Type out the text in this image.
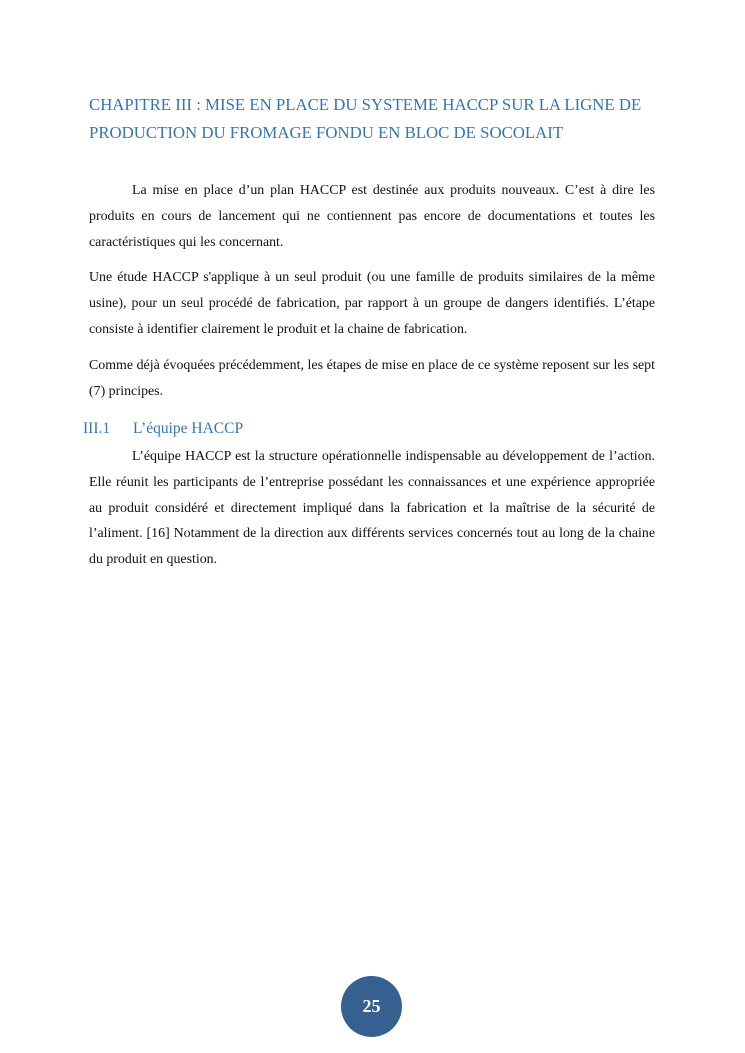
CHAPITRE III : MISE EN PLACE DU SYSTEME HACCP SUR LA LIGNE DE PRODUCTION DU FROMAGE FONDU EN BLOC DE SOCOLAIT

La mise en place d’un plan HACCP est destinée aux produits nouveaux. C’est à dire les produits en cours de lancement qui ne contiennent pas encore de documentations et toutes les caractéristiques qui les concernant.

Une étude HACCP s'applique à un seul produit (ou une famille de produits similaires de la même usine), pour un seul procédé de fabrication, par rapport à un groupe de dangers identifiés. L’étape consiste à identifier clairement le produit et la chaine de fabrication.

Comme déjà évoquées précédemment, les étapes de mise en place de ce système reposent sur les sept (7) principes.

III.1 L’équipe HACCP

L’équipe HACCP est la structure opérationnelle indispensable au développement de l’action. Elle réunit les participants de l’entreprise possédant les connaissances et une expérience appropriée au produit considéré et directement impliqué dans la fabrication et la maîtrise de la sécurité de l’aliment. [16] Notamment de la direction aux différents services concernés tout au long de la chaine du produit en question.

25
